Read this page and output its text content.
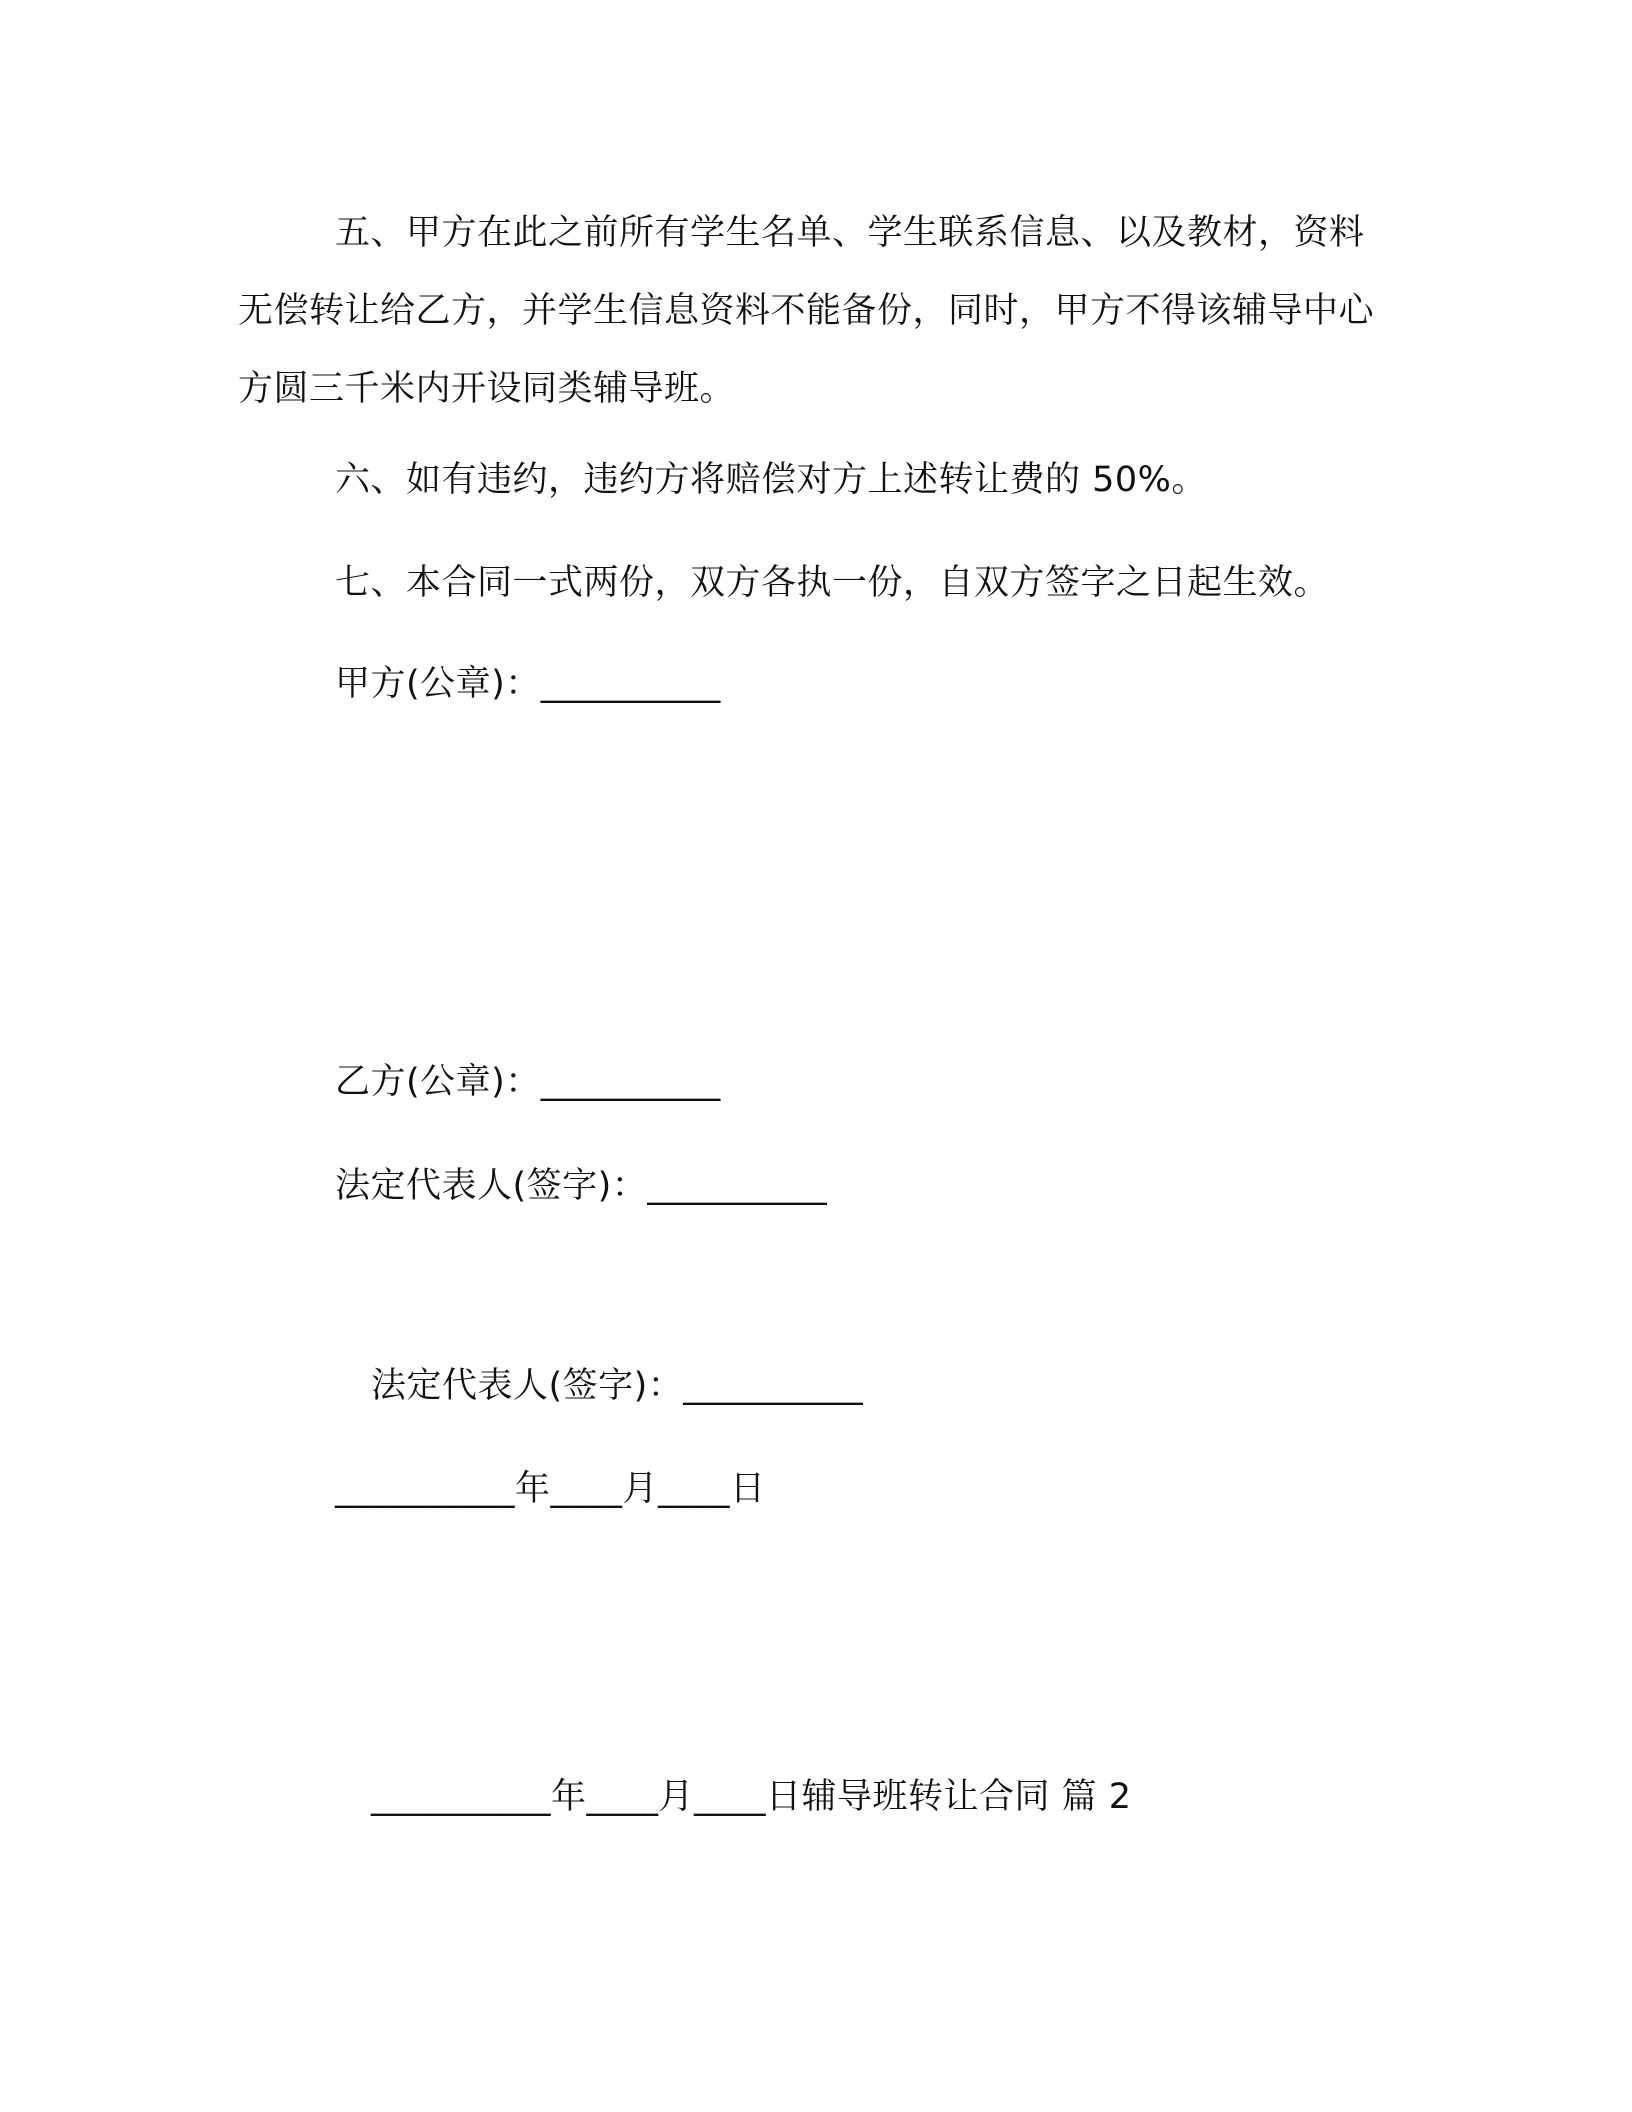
五、甲方在此之前所有学生名单、学生联系信息、以及教材，资料无偿转让给乙方，并学生信息资料不能备份，同时，甲方不得该辅导中心方圆三千米内开设同类辅导班。
六、如有违约，违约方将赔偿对方上述转让费的 50%。
七、本合同一式两份，双方各执一份，自双方签字之日起生效。
甲方(公章)：__________
乙方(公章)：__________
法定代表人(签字)：__________
法定代表人(签字)：__________
__________年____月____日
__________年____月____日辅导班转让合同 篇 2
